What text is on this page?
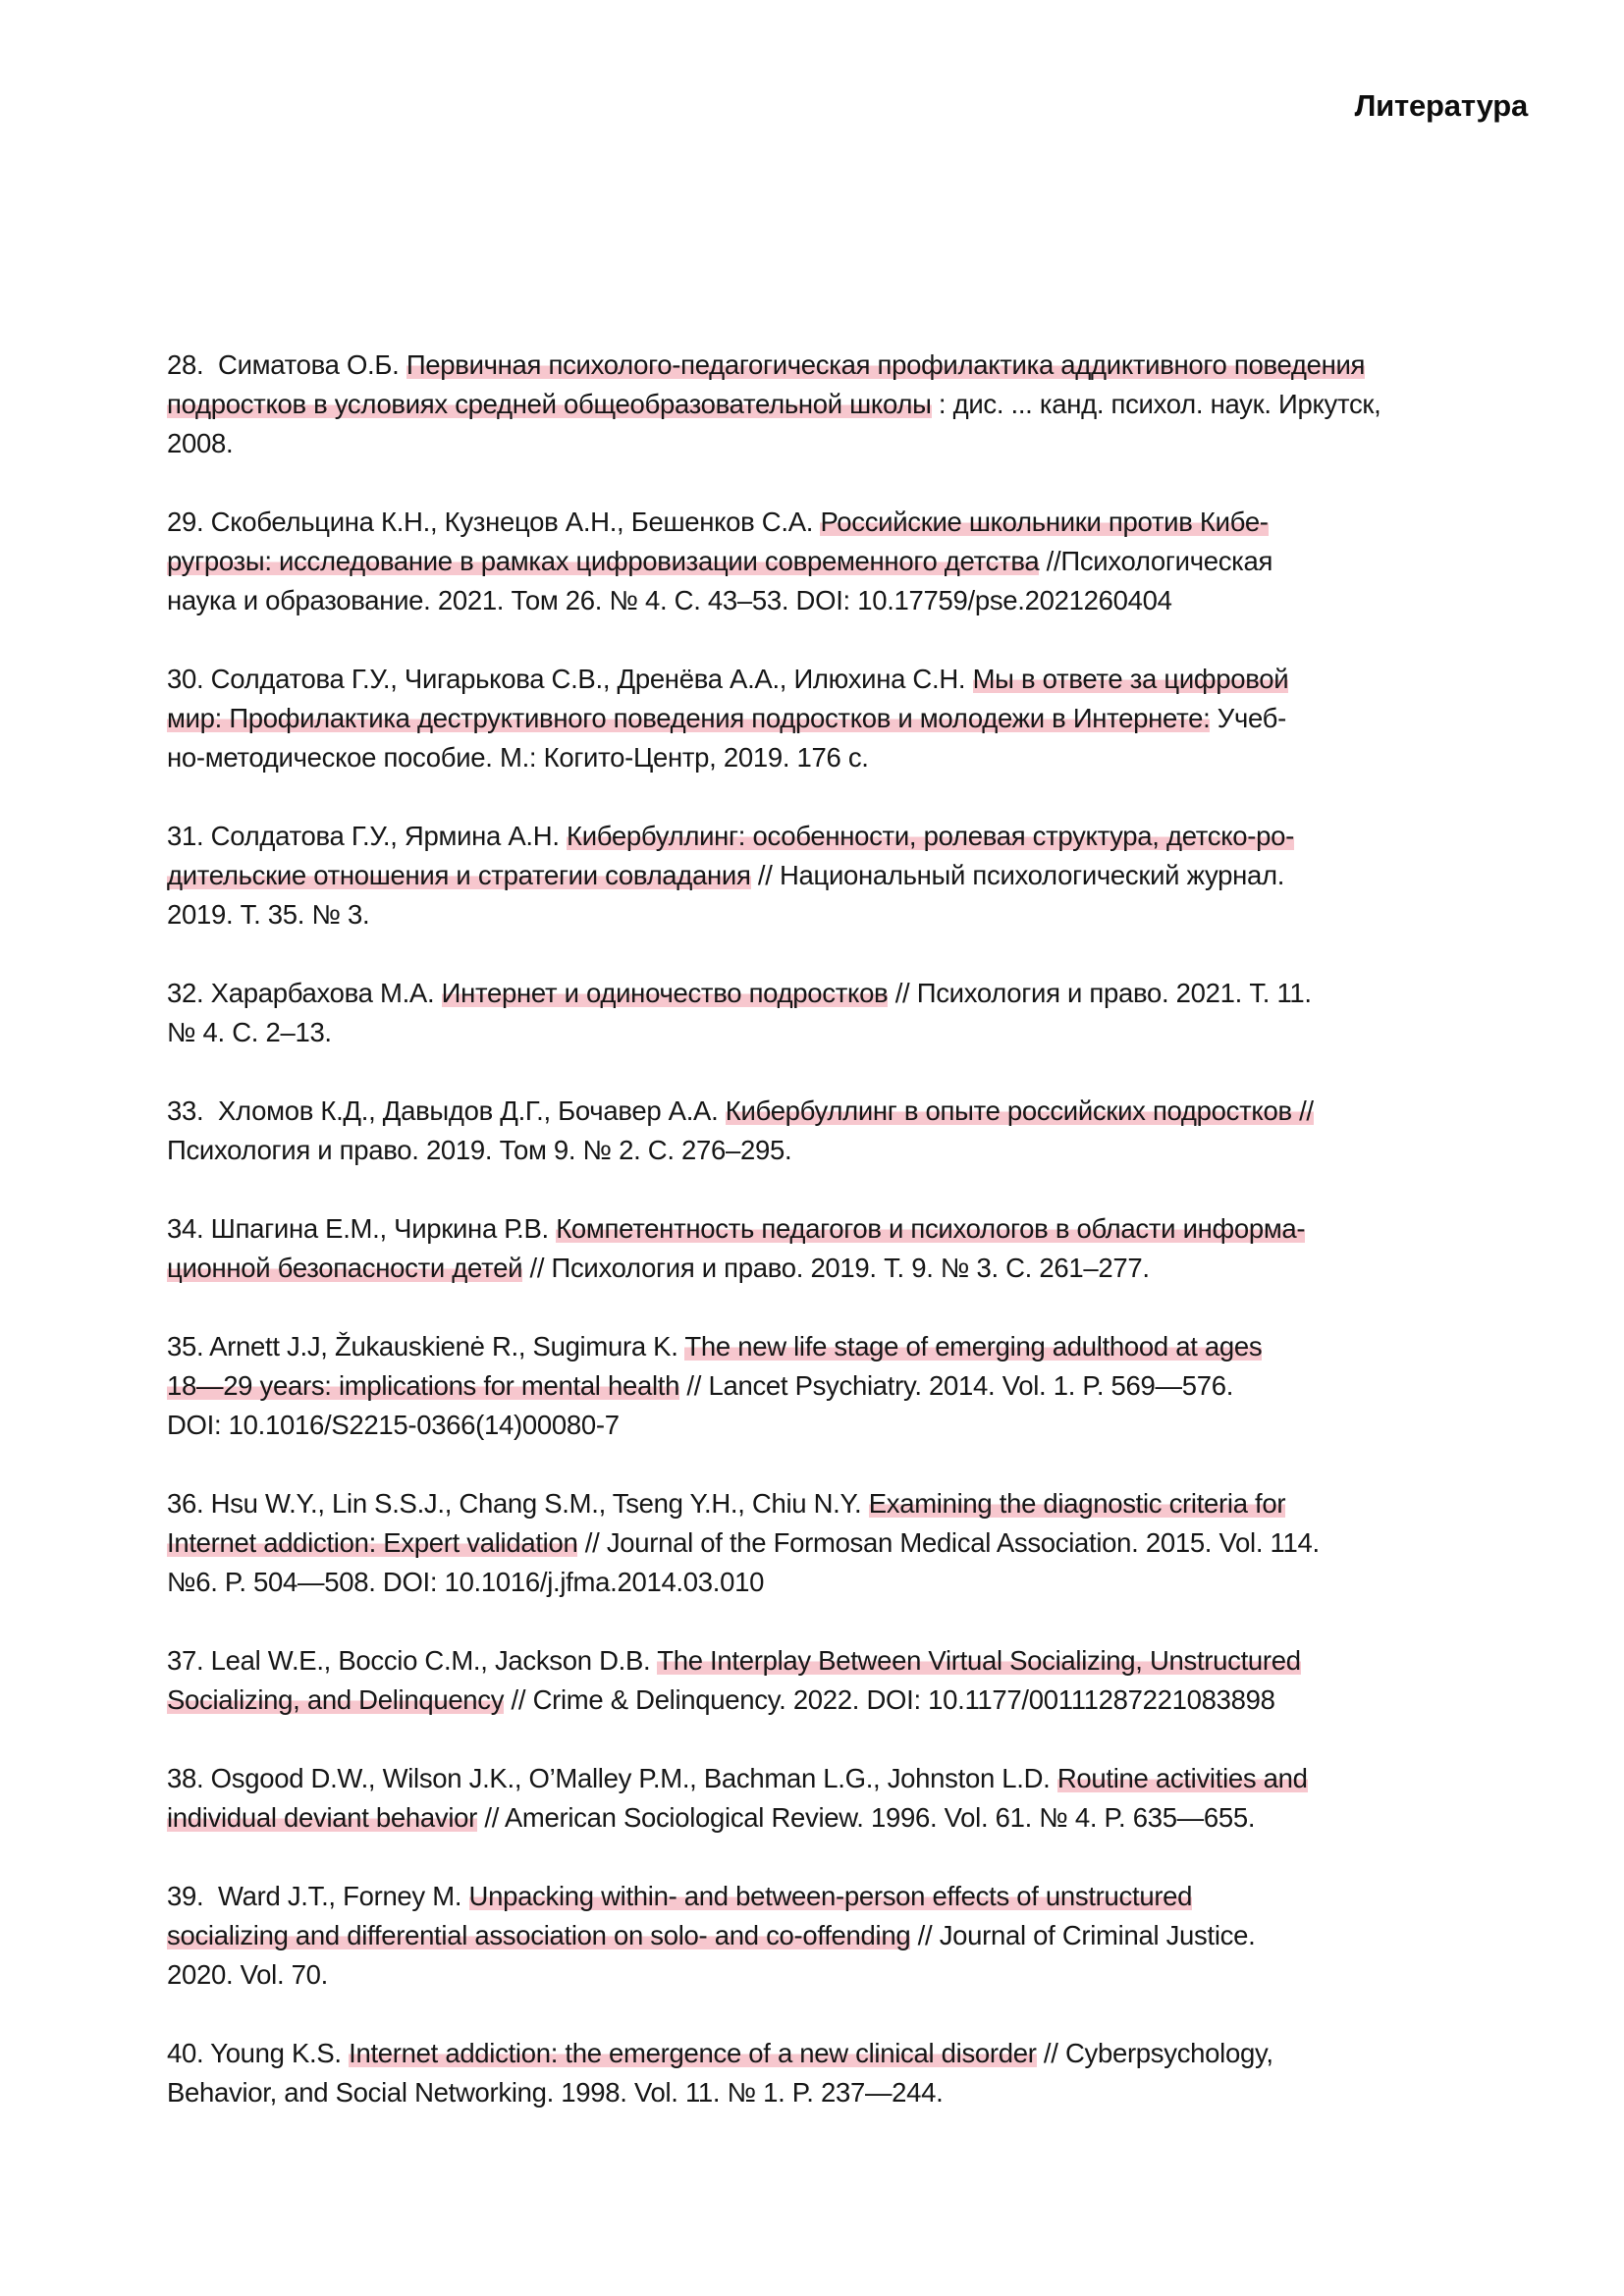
Литература
28.  Симатова О.Б. Первичная психолого-педагогическая профилактика аддиктивного поведения
подростков в условиях средней общеобразовательной школы : дис. ... канд. психол. наук. Иркутск,
2008.
29. Скобельцина К.Н., Кузнецов А.Н., Бешенков С.А. Российские школьники против Кибе-
ругрозы: исследование в рамках цифровизации современного детства //Психологическая
наука и образование. 2021. Том 26. № 4. С. 43–53. DOI: 10.17759/pse.2021260404
30. Солдатова Г.У., Чигарькова С.В., Дренёва А.А., Илюхина С.Н. Мы в ответе за цифровой
мир: Профилактика деструктивного поведения подростков и молодежи в Интернете: Учеб-
но-методическое пособие. М.: Когито-Центр, 2019. 176 с.
31. Солдатова Г.У., Ярмина А.Н. Кибербуллинг: особенности, ролевая структура, детско-ро-
дительские отношения и стратегии совладания // Национальный психологический журнал.
2019. Т. 35. № 3.
32. Харарбахова М.А. Интернет и одиночество подростков // Психология и право. 2021. Т. 11.
№ 4. С. 2–13.
33.  Хломов К.Д., Давыдов Д.Г., Бочавер А.А. Кибербуллинг в опыте российских подростков //
Психология и право. 2019. Том 9. № 2. С. 276–295.
34. Шпагина Е.М., Чиркина Р.В. Компетентность педагогов и психологов в области информа-
ционной безопасности детей // Психология и право. 2019. Т. 9. № 3. С. 261–277.
35. Arnett J.J, Žukauskienė R., Sugimura K. The new life stage of emerging adulthood at ages
18—29 years: implications for mental health // Lancet Psychiatry. 2014. Vol. 1. P. 569—576.
DOI: 10.1016/S2215-0366(14)00080-7
36. Hsu W.Y., Lin S.S.J., Chang S.M., Tseng Y.H., Chiu N.Y. Examining the diagnostic criteria for
Internet addiction: Expert validation // Journal of the Formosan Medical Association. 2015. Vol. 114.
№6. P. 504—508. DOI: 10.1016/j.jfma.2014.03.010
37. Leal W.E., Boccio C.M., Jackson D.B. The Interplay Between Virtual Socializing, Unstructured
Socializing, and Delinquency // Crime & Delinquency. 2022. DOI: 10.1177/00111287221083898
38. Osgood D.W., Wilson J.K., O’Malley P.M., Bachman L.G., Johnston L.D. Routine activities and
individual deviant behavior // American Sociological Review. 1996. Vol. 61. № 4. P. 635—655.
39.  Ward J.T., Forney M. Unpacking within- and between-person effects of unstructured
socializing and differential association on solo- and co-offending // Journal of Criminal Justice.
2020. Vol. 70.
40. Young K.S. Internet addiction: the emergence of a new clinical disorder // Cyberpsychology,
Behavior, and Social Networking. 1998. Vol. 11. № 1. P. 237—244.
